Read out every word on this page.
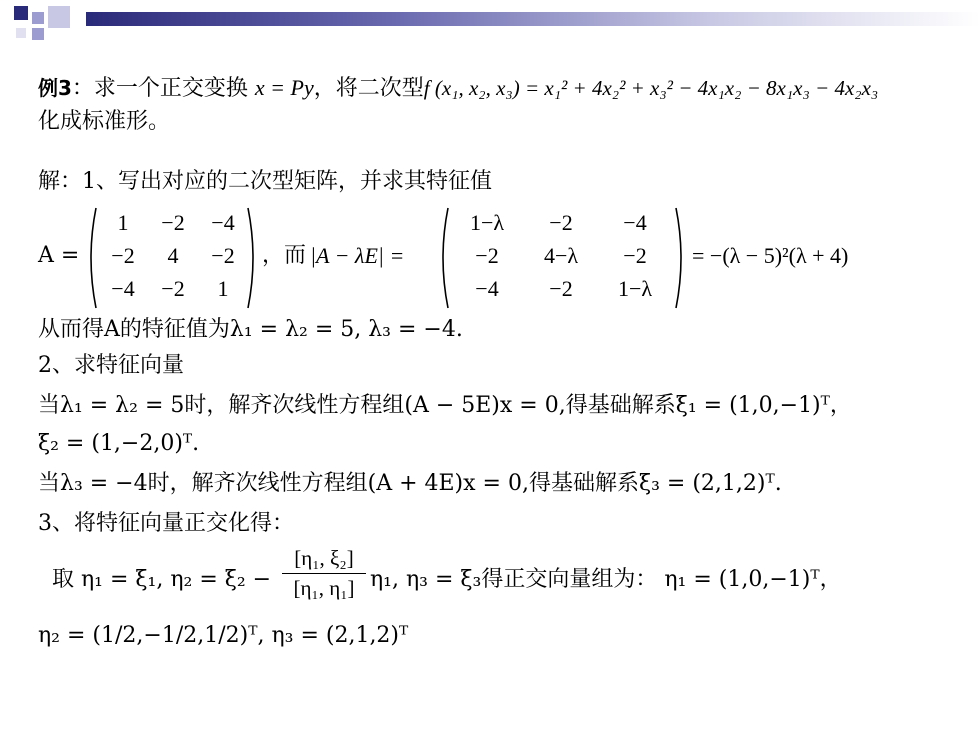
例3：求一个正交变换 x = Py，将二次型f (x₁, x₂, x₃) = x₁² + 4x₂² + x₃² − 4x₁x₂ − 8x₁x₃ − 4x₂x₃
化成标准形。
解：1、写出对应的二次型矩阵，并求其特征值
A =
1	−2	−4
−2	4	−2
−4	−2	1
，而 |A − λE| =
1−λ	−2	−4
−2	4−λ	−2
−4	−2	1−λ
= −(λ − 5)²(λ + 4)
从而得A的特征值为λ₁ = λ₂ = 5, λ₃ = −4.
2、求特征向量
当λ₁ = λ₂ = 5时，解齐次线性方程组(A − 5E)x = 0,得基础解系ξ₁ = (1,0,−1)ᵀ，
ξ₂ = (1,−2,0)ᵀ.
当λ₃ = −4时，解齐次线性方程组(A + 4E)x = 0,得基础解系ξ₃ = (2,1,2)ᵀ.
3、将特征向量正交化得：
取 η₁ = ξ₁, η₂ = ξ₂ −
[η₁, ξ₂]
[η₁, η₁] η₁, η₃ = ξ₃得正交向量组为： η₁ = (1,0,−1)ᵀ，
η₂ = (1/2,−1/2,1/2)ᵀ, η₃ = (2,1,2)ᵀ
